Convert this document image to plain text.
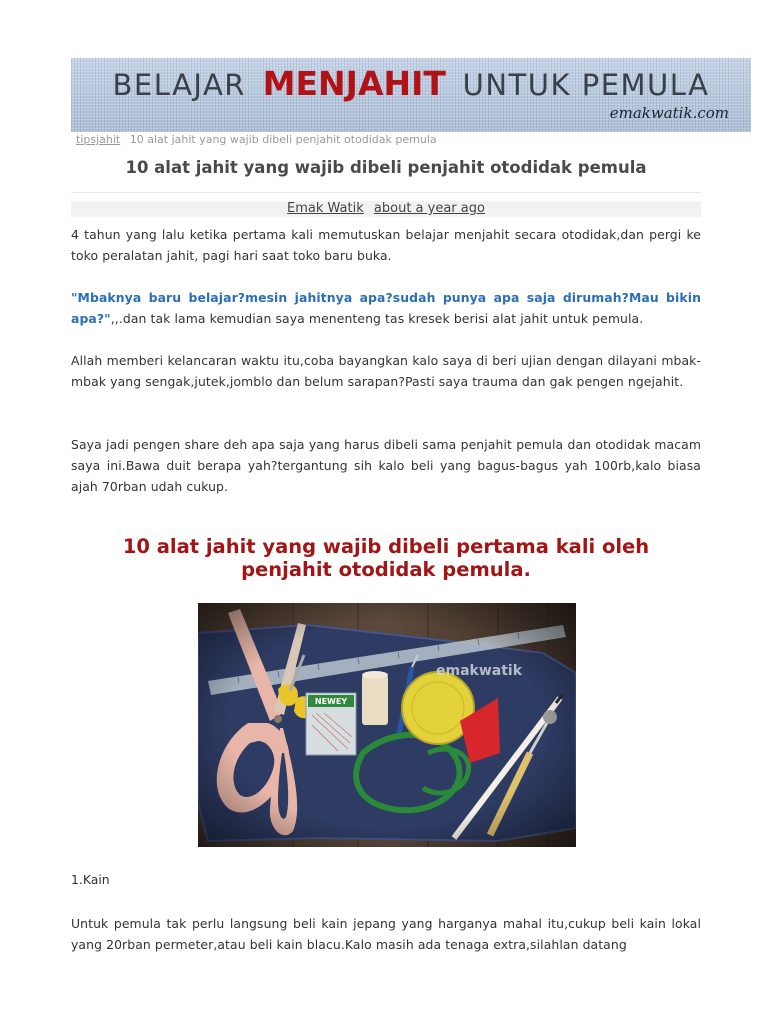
BELAJAR MENJAHIT UNTUK PEMULA
emakwatik.com
tipsjahit 10 alat jahit yang wajib dibeli penjahit otodidak pemula
10 alat jahit yang wajib dibeli penjahit otodidak pemula
Emak Watik about a year ago
4 tahun yang lalu ketika pertama kali memutuskan belajar menjahit secara otodidak,dan pergi ke toko peralatan jahit, pagi hari saat toko baru buka.
"Mbaknya baru belajar?mesin jahitnya apa?sudah punya apa saja dirumah?Mau bikin apa?",,.dan tak lama kemudian saya menenteng tas kresek berisi alat jahit untuk pemula.
Allah memberi kelancaran waktu itu,coba bayangkan kalo saya di beri ujian dengan dilayani mbak-mbak yang sengak,jutek,jomblo dan belum sarapan?Pasti saya trauma dan gak pengen ngejahit.
Saya jadi pengen share deh apa saja yang harus dibeli sama penjahit pemula dan otodidak macam saya ini.Bawa duit berapa yah?tergantung sih kalo beli yang bagus-bagus yah 100rb,kalo biasa ajah 70rban udah cukup.
10 alat jahit yang wajib dibeli pertama kali oleh
penjahit otodidak pemula.
1.Kain
Untuk pemula tak perlu langsung beli kain jepang yang harganya mahal itu,cukup beli kain lokal yang 20rban permeter,atau beli kain blacu.Kalo masih ada tenaga extra,silahlan datang
